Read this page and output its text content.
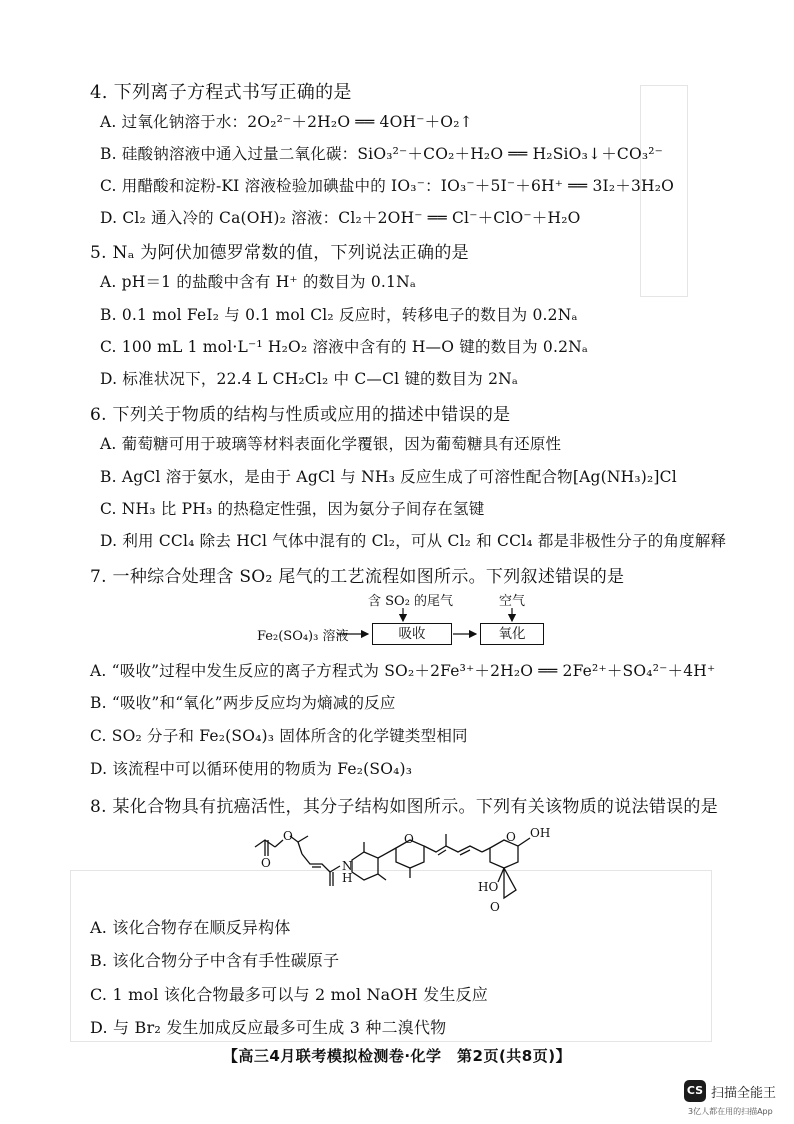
4. 下列离子方程式书写正确的是
A. 过氧化钠溶于水：2O₂²⁻＋2H₂O ══ 4OH⁻＋O₂↑
B. 硅酸钠溶液中通入过量二氧化碳：SiO₃²⁻＋CO₂＋H₂O ══ H₂SiO₃↓＋CO₃²⁻
C. 用醋酸和淀粉-KI 溶液检验加碘盐中的 IO₃⁻：IO₃⁻＋5I⁻＋6H⁺ ══ 3I₂＋3H₂O
D. Cl₂ 通入冷的 Ca(OH)₂ 溶液：Cl₂＋2OH⁻ ══ Cl⁻＋ClO⁻＋H₂O
5. Nₐ 为阿伏加德罗常数的值，下列说法正确的是
A. pH＝1 的盐酸中含有 H⁺ 的数目为 0.1Nₐ
B. 0.1 mol FeI₂ 与 0.1 mol Cl₂ 反应时，转移电子的数目为 0.2Nₐ
C. 100 mL 1 mol·L⁻¹ H₂O₂ 溶液中含有的 H—O 键的数目为 0.2Nₐ
D. 标准状况下，22.4 L CH₂Cl₂ 中 C—Cl 键的数目为 2Nₐ
6. 下列关于物质的结构与性质或应用的描述中错误的是
A. 葡萄糖可用于玻璃等材料表面化学覆银，因为葡萄糖具有还原性
B. AgCl 溶于氨水，是由于 AgCl 与 NH₃ 反应生成了可溶性配合物[Ag(NH₃)₂]Cl
C. NH₃ 比 PH₃ 的热稳定性强，因为氨分子间存在氢键
D. 利用 CCl₄ 除去 HCl 气体中混有的 Cl₂，可从 Cl₂ 和 CCl₄ 都是非极性分子的角度解释
7. 一种综合处理含 SO₂ 尾气的工艺流程如图所示。下列叙述错误的是
Fe₂(SO₄)₃ 溶液
含 SO₂ 的尾气	空气
吸收	氧化
A. “吸收”过程中发生反应的离子方程式为 SO₂＋2Fe³⁺＋2H₂O ══ 2Fe²⁺＋SO₄²⁻＋4H⁺
B. “吸收”和“氧化”两步反应均为熵减的反应
C. SO₂ 分子和 Fe₂(SO₄)₃ 固体所含的化学键类型相同
D. 该流程中可以循环使用的物质为 Fe₂(SO₄)₃
8. 某化合物具有抗癌活性，其分子结构如图所示。下列有关该物质的说法错误的是
O
O	N
H
O	O OH
HO
O
A. 该化合物存在顺反异构体
B. 该化合物分子中含有手性碳原子
C. 1 mol 该化合物最多可以与 2 mol NaOH 发生反应
D. 与 Br₂ 发生加成反应最多可生成 3 种二溴代物
【高三4月联考模拟检测卷·化学　第2页(共8页)】
CS 扫描全能王
3亿人都在用的扫描App
